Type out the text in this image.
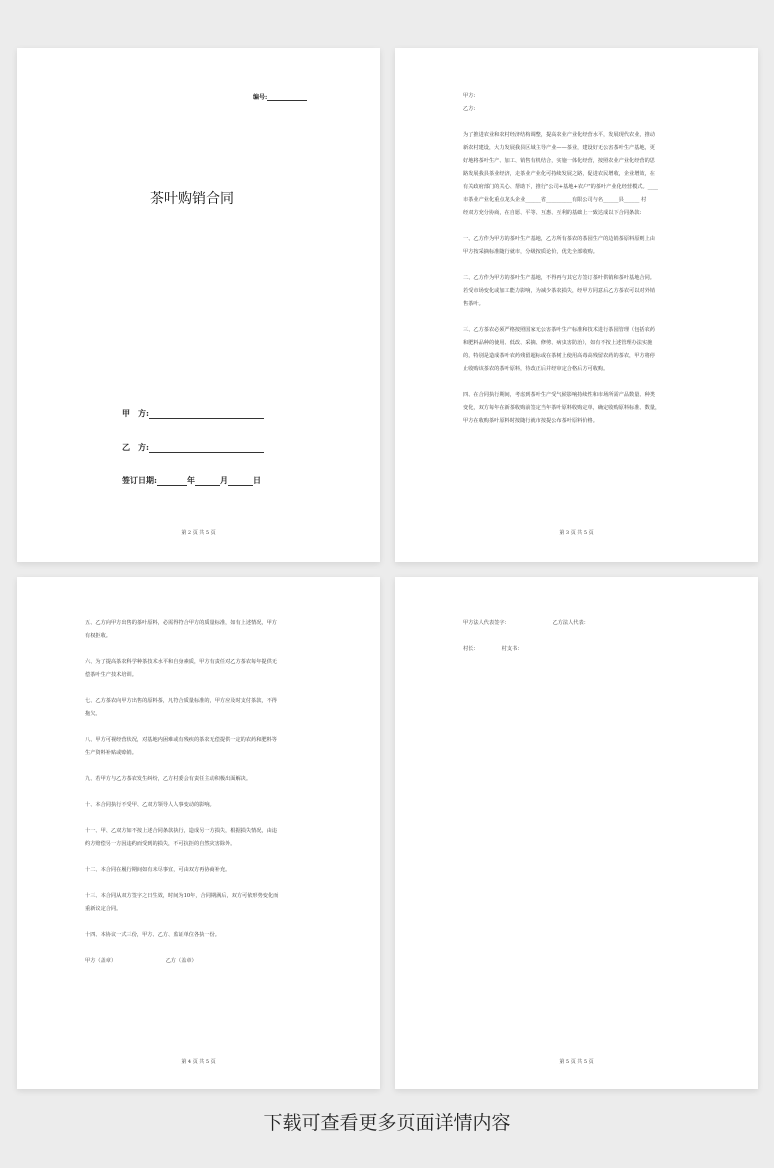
编号:
茶叶购销合同
甲　方:
乙　方:
签订日期:	年	月	日
第 2 页 共 5 页
甲方:
乙方:
为了推进农业和农村经济结构调整，提高农业产业化经营水平，发展现代农业，推动
新农村建设，大力发展我县区域主导产业——茶业，建设好无公害茶叶生产基地，更
好地将茶叶生产、加工、销售有机结合，实施一体化经营，按照农业产业化经营的思
路发展我县茶业经济，走茶业产业化可持续发展之路，促进农民增收，企业增效，在
有关政府部门的关心、帮助下，推行"公司+基地+农户"的茶叶产业化经营模式。____
市茶业产业化重点龙头企业______省__________有限公司与名______县______ 村
经双方充分协商，在自愿、平等、互惠、互利的基础上一致达成以下合同条款:
一、乙方作为甲方的茶叶生产基地，乙方所有茶农的茶园生产的边销茶原料原则上由
甲方按采摘标准随行就市，分级按质论价，优先全部收购。
二、乙方作为甲方的茶叶生产基地，不得再与其它方签订茶叶供销和茶叶基地合同。
若受市场变化或加工能力影响，为减少茶农损失，经甲方同意后乙方茶农可以对外销
售茶叶。
三、乙方茶农必须严格按照国家无公害茶叶生产标准和技术进行茶园管理（包括农药
和肥料品种的使用、低改、采摘、修剪、病虫害防治），如有不按上述管理办法实施
的，特别是造成茶叶农药残留超标或在茶树上使用高毒高残留农药的茶农，甲方将停
止收购该茶农的茶叶原料，待改正后并经审定合格后方可收购。
四、在合同执行期间，考虑到茶叶生产受气候影响持续性和市场所需产品数量、种类
变化，双方每年在新茶收购前签定当年茶叶原料收购定单，确定收购原料标准、数量，
甲方在收购茶叶原料时按随行就市按提公布茶叶原料价格。
第 3 页 共 5 页
五、乙方向甲方出售的茶叶原料，必需得符合甲方的质量标准，如有上述情况，甲方
有权拒收。
六、为了提高茶农科学种茶技术水平和自身素质，甲方有责任对乙方茶农每年提供无
偿茶叶生产技术培训。
七、乙方茶农向甲方出售的原料茶，凡符合质量标准的，甲方应及时支付茶款，不得
拖欠。
八、甲方可视经营状况，对基地内困难或有残疾的茶农无偿提供一定的农药和肥料等
生产资料补贴或赊销。
九、若甲方与乙方茶农发生纠纷，乙方村委会有责任主动积极出面解决。
十、本合同执行不受甲、乙双方领导人人事变动的影响。
十一、甲、乙双方如不按上述合同条款执行，造成另一方损失，根据损失情况，由违
约方赔偿另一方因违约而受到的损失，不可抗拒的自然灾害除外。
十二、本合同在履行期间如有未尽事宜，可由双方再协商补充。
十三、本合同从双方签字之日生效，时间为10年，合同期满后，双方可依形势变化而
重新议定合同。
十四、本协议一式三份，甲方、乙方、监证单位各执一份。
甲方（盖章）                              乙方（盖章）
第 4 页 共 5 页
甲方法人代表签字：                          乙方法人代表：
村长：              村支书：
第 5 页 共 5 页
下载可查看更多页面详情内容
